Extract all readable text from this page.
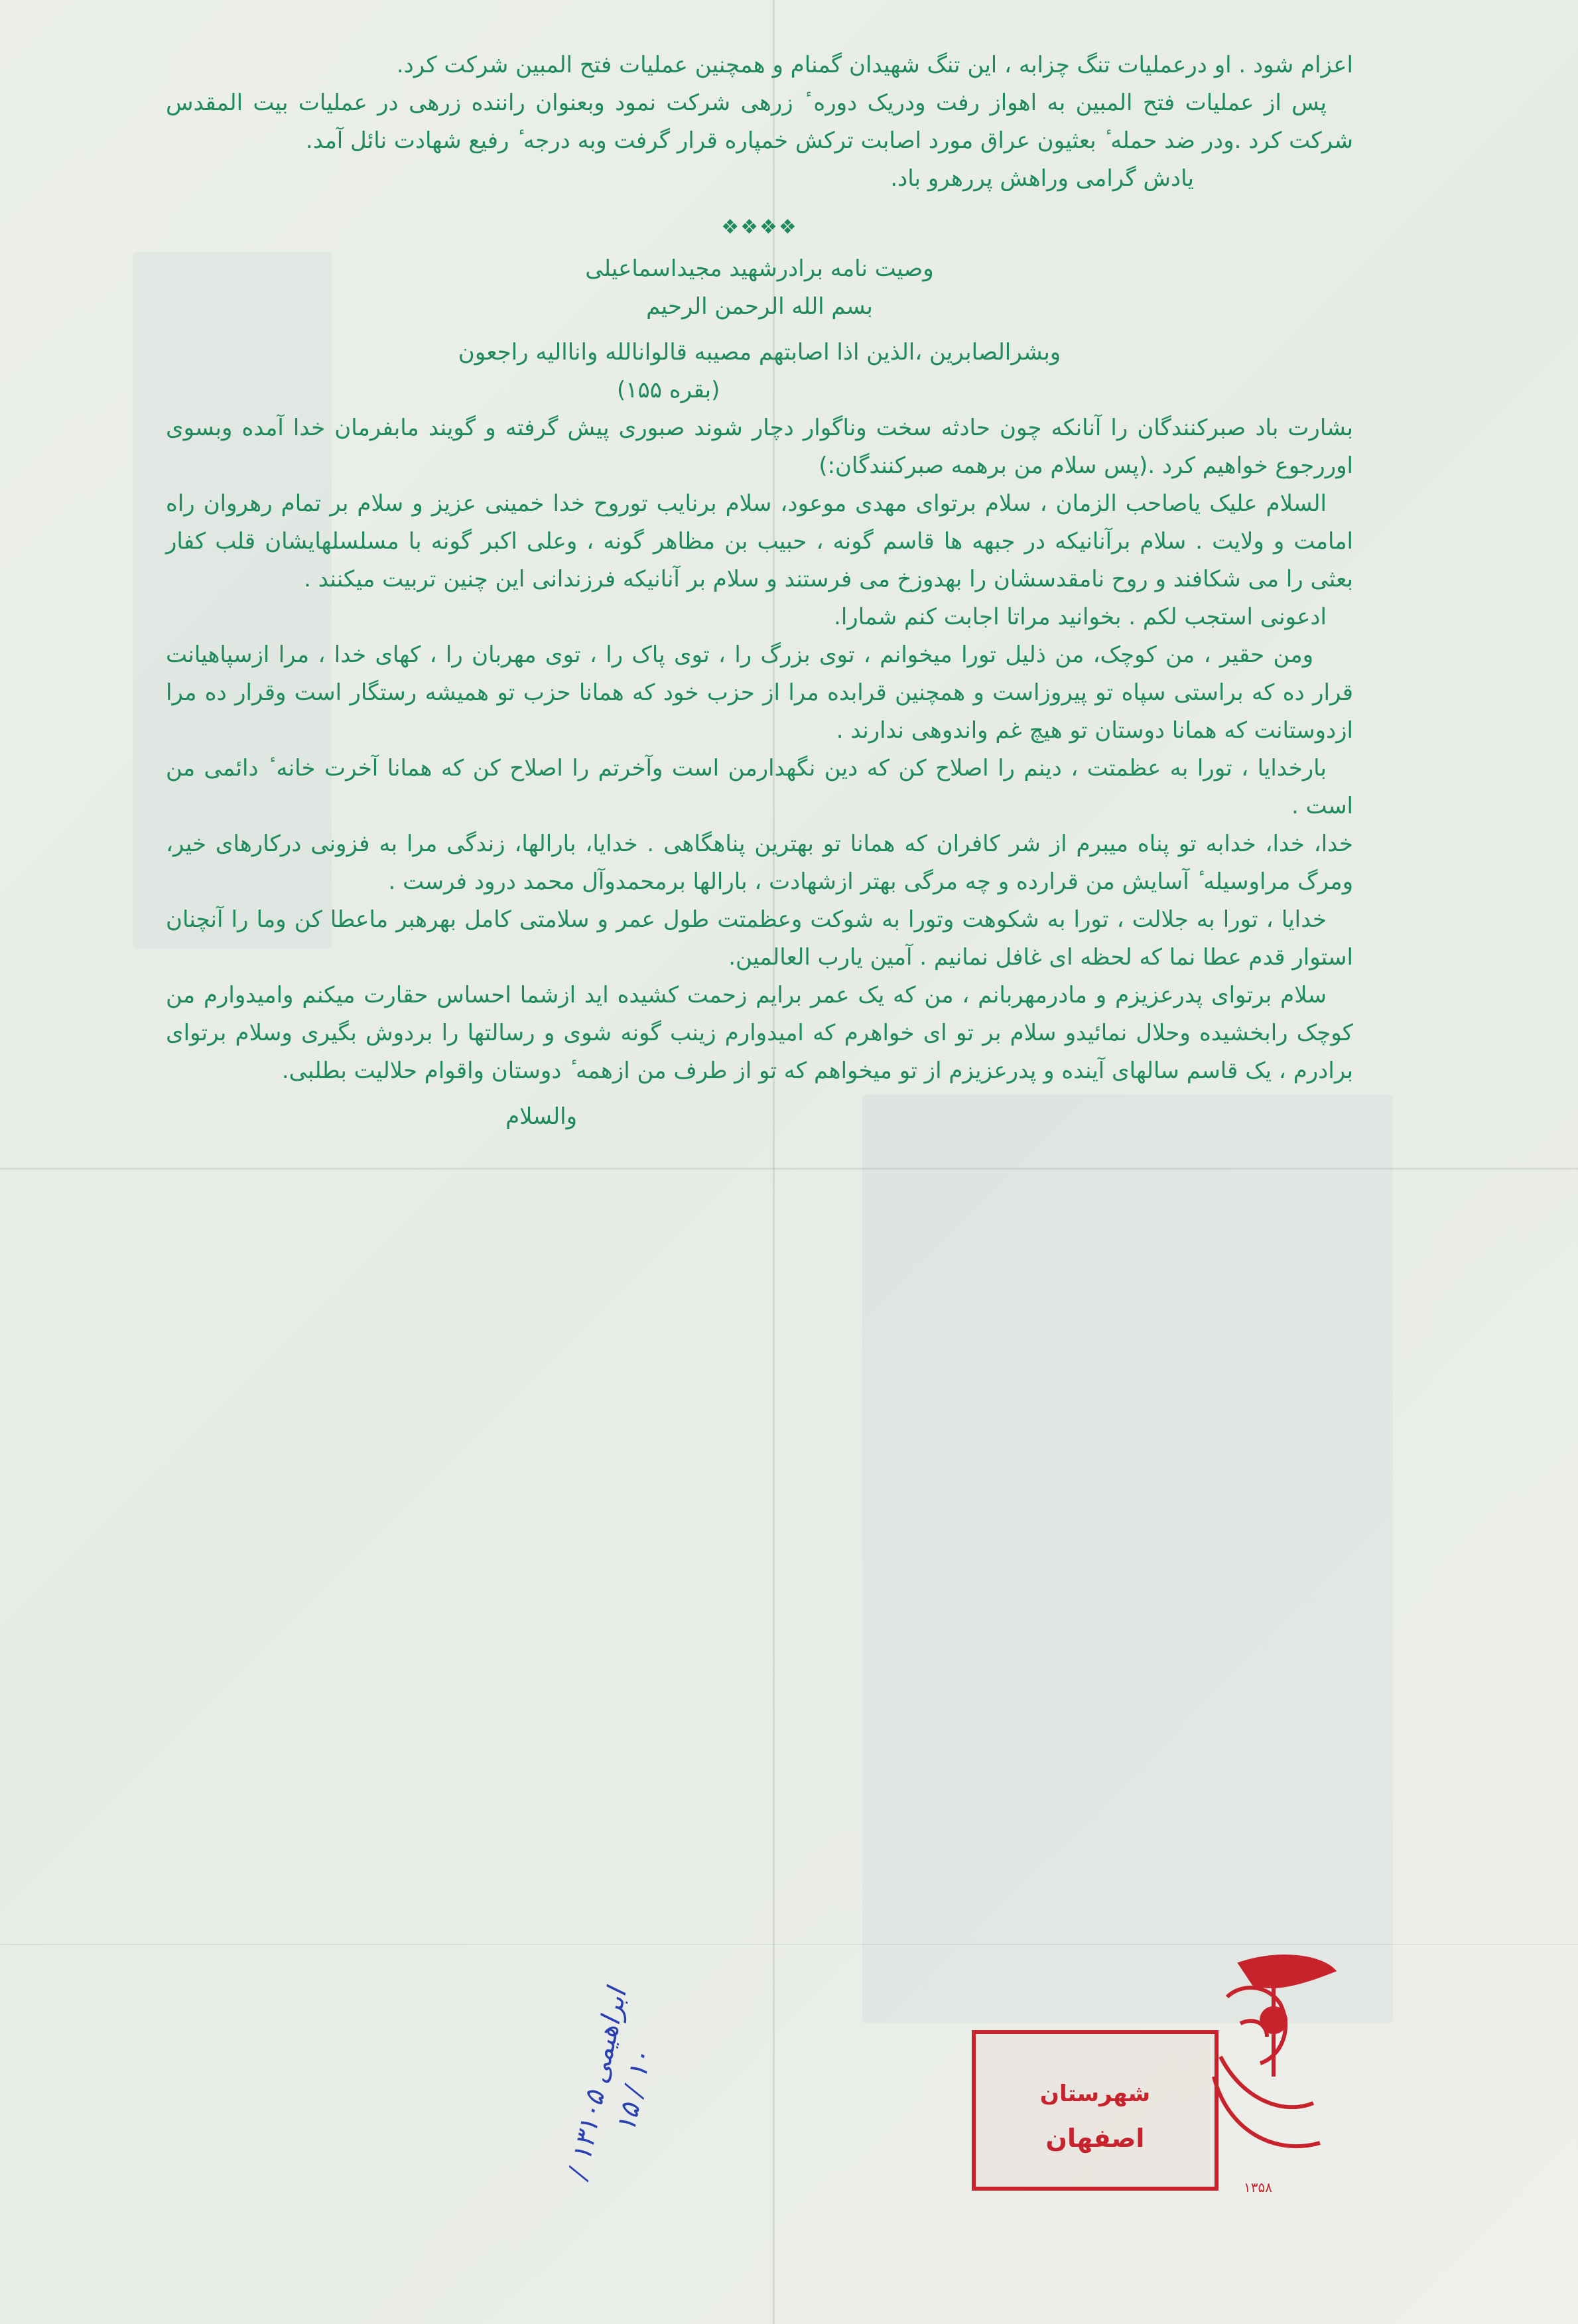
اعزام شود . او درعملیات تنگ چزابه ، این تنگ شهیدان گمنام و همچنین عملیات فتح المبین شرکت کرد.

پس از عملیات فتح المبین به اهواز رفت ودریک دوره ٔ زرهی شرکت نمود وبعنوان راننده زرهی در عملیات بیت المقدس شرکت کرد .ودر ضد حمله ٔ بعثیون عراق مورد اصابت ترکش خمپاره قرار گرفت وبه درجه ٔ رفیع شهادت نائل آمد.

یادش گرامی وراهش پررهرو باد.

❖❖❖❖

وصیت نامه برادرشهید مجیداسماعیلی

بسم الله الرحمن الرحیم

وبشرالصابرین ،الذین اذا اصابتهم مصیبه قالوانالله وانااليه راجعون

(بقره ۱۵۵)

بشارت باد صبرکنندگان را آنانکه چون حادثه سخت وناگوار دچار شوند صبوری پیش گرفته و گویند مابفرمان خدا آمده وبسوی اوررجوع خواهیم کرد .(پس سلام من برهمه صبرکنندگان:)

السلام علیک یاصاحب الزمان ، سلام برتوای مهدی موعود، سلام برنایب توروح خدا خمینی عزیز و سلام بر تمام رهروان راه امامت و ولایت . سلام برآنانیکه در جبهه ها قاسم گونه ، حبیب بن مظاهر گونه ، وعلی اکبر گونه با مسلسلهایشان قلب کفار بعثی را می شکافند و روح نامقدسشان را بهدوزخ می فرستند و سلام بر آنانیکه فرزندانی این چنین تربیت میکنند .

ادعونی استجب لکم . بخوانید مراتا اجابت کنم شمارا.

ومن حقیر ، من کوچک، من ذلیل تورا میخوانم ، توی بزرگ را ، توی پاک را ، توی مهربان را ، کهای خدا ، مرا ازسپاهیانت قرار ده که براستی سپاه تو پیروزاست و همچنین قرابده مرا از حزب خود که همانا حزب تو همیشه رستگار است وقرار ده مرا ازدوستانت که همانا دوستان تو هیچ غم واندوهی ندارند .

بارخدایا ، تورا به عظمتت ، دینم را اصلاح کن که دین نگهدارمن است وآخرتم را اصلاح کن که همانا آخرت خانه ٔ دائمی من است .

خدا، خدا، خدابه تو پناه میبرم از شر کافران که همانا تو بهترین پناهگاهی . خدایا، بارالها، زندگی مرا به فزونی درکارهای خیر، ومرگ مراوسیله ٔ آسایش من قرارده و چه مرگی بهتر ازشهادت ، بارالها برمحمدوآل محمد درود فرست .

خدایا ، تورا به جلالت ، تورا به شکوهت وتورا به شوکت وعظمتت طول عمر و سلامتی کامل بهرهبر ماعطا کن وما را آنچنان استوار قدم عطا نما که لحظه ای غافل نمانیم . آمین یارب العالمین.

سلام برتوای پدرعزیزم و مادرمهربانم ، من که یک عمر برایم زحمت کشیده اید ازشما احساس حقارت میکنم وامیدوارم من کوچک رابخشیده وحلال نمائیدو سلام بر تو ای خواهرم که امیدوارم زینب گونه شوی و رسالتها را بردوش بگیری وسلام برتوای برادرم ، یک قاسم سالهای آینده و پدرعزیزم از تو میخواهم که تو از طرف من ازهمه ٔ دوستان واقوام حلالیت بطلبی.

والسلام

ابراهیمی ۱۳۱۰۵ / ۱۰ / ۱۵
شهرستان
اصفهان
۱۳۵۸
